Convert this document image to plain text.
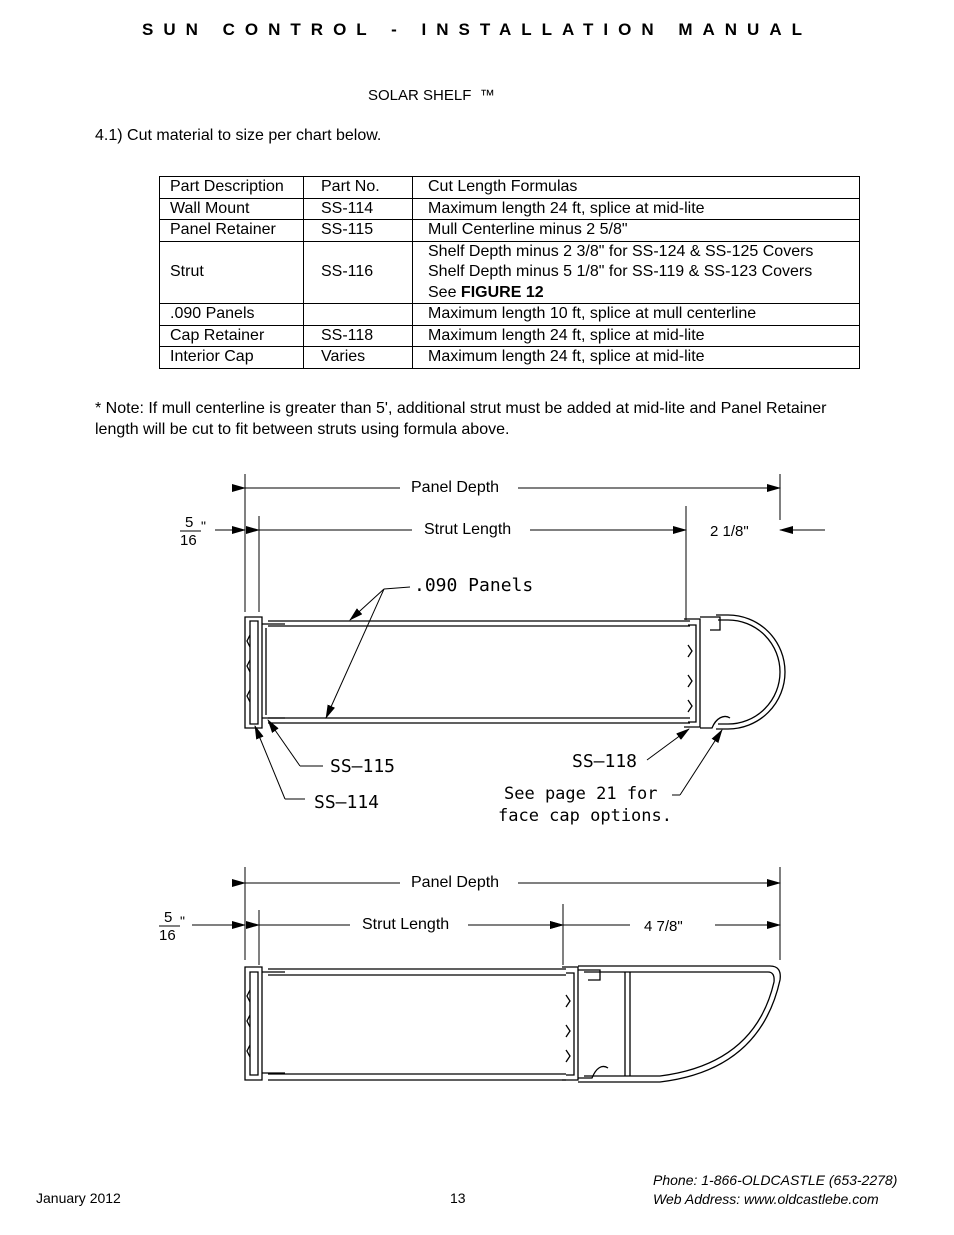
SUN CONTROL - INSTALLATION MANUAL
SOLAR SHELF ™
4.1) Cut material to size per chart below.
Part Description	Part No.	Cut Length Formulas
Wall Mount	SS-114	Maximum length 24 ft, splice at mid-lite
Panel Retainer	SS-115	Mull Centerline minus 2 5/8"
Strut	SS-116	Shelf Depth minus 2 3/8" for SS-124 & SS-125 Covers
Shelf Depth minus 5 1/8" for SS-119 & SS-123 Covers
See FIGURE 12

.090 Panels		Maximum length 10 ft, splice at mull centerline
Cap Retainer	SS-118	Maximum length 24 ft, splice at mid-lite
Interior Cap	Varies	Maximum length 24 ft, splice at mid-lite
* Note: If mull centerline is greater than 5', additional strut must be added at mid-lite and Panel Retainer length will be cut to fit between struts using formula above.
Panel Depth
Strut Length	2 1/8"
5
16
"
.090 Panels
SS–115
SS–114
SS–118
See page 21 for
face cap options.
Panel Depth
Strut Length	4 7/8"
5
16
"
January 2012	13
Phone: 1-866-OLDCASTLE (653-2278)
Web Address: www.oldcastlebe.com
